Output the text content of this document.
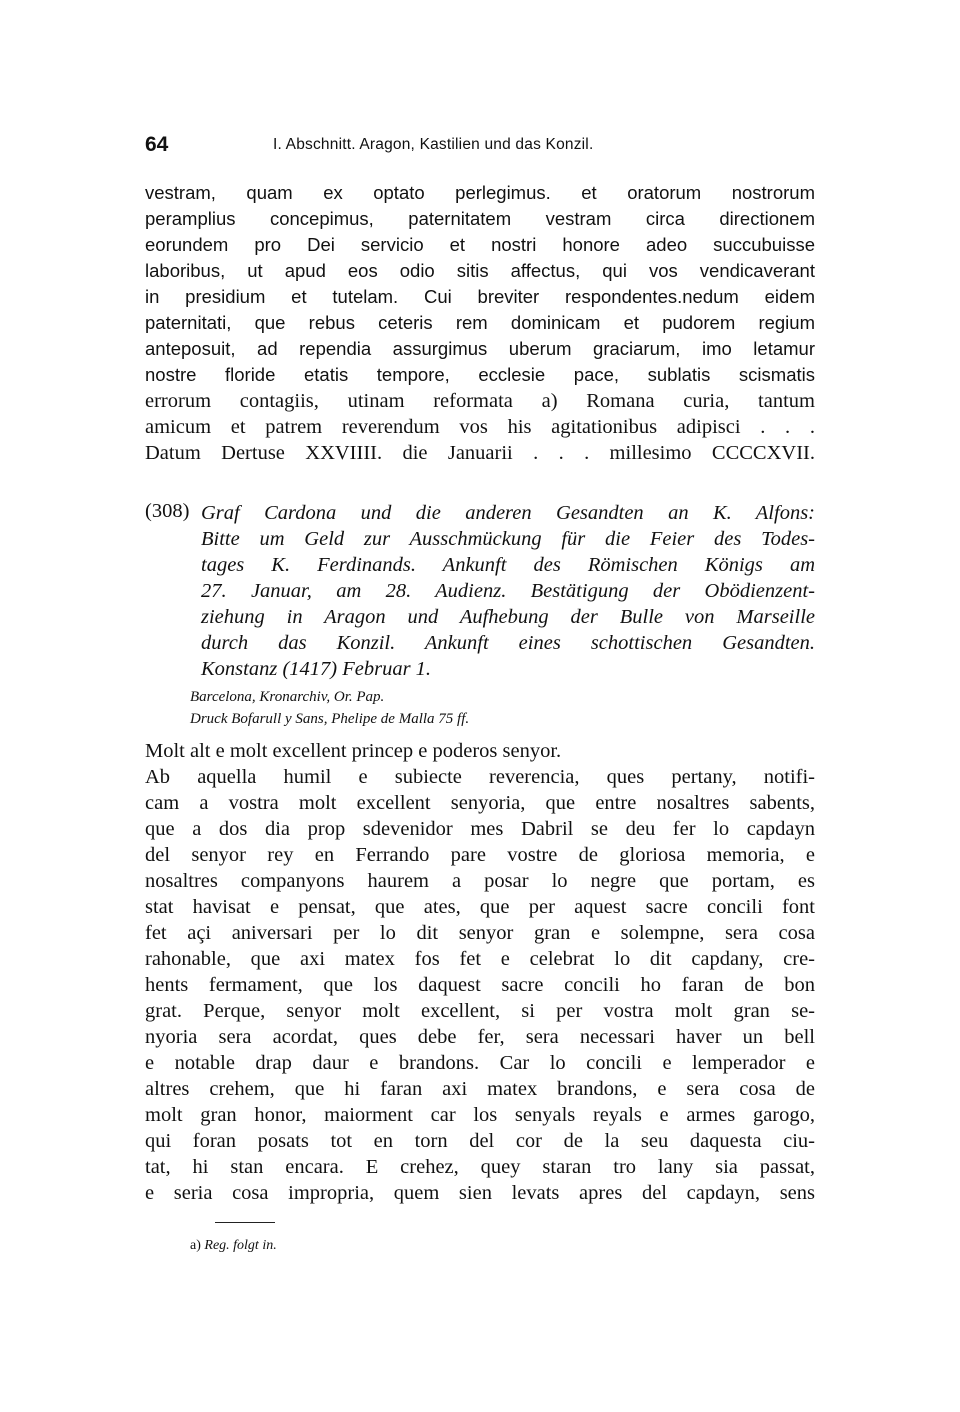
64	I. Abschnitt. Aragon, Kastilien und das Konzil.
vestram, quam ex optato perlegimus. et oratorum nostrorum
peramplius concepimus, paternitatem vestram circa directionem
eorundem pro Dei servicio et nostri honore adeo succubuisse
laboribus, ut apud eos odio sitis affectus, qui vos vendicaverant
in presidium et tutelam. Cui breviter respondentes.nedum eidem
paternitati, que rebus ceteris rem dominicam et pudorem regium
anteposuit, ad rependia assurgimus uberum graciarum, imo letamur
nostre floride etatis tempore, ecclesie pace, sublatis scismatis
errorum contagiis, utinam reformata a) Romana curia, tantum
amicum et patrem reverendum vos his agitationibus adipisci . . .
Datum Dertuse XXVIIII. die Januarii . . . millesimo CCCCXVII.
(308) Graf Cardona und die anderen Gesandten an K. Alfons:
Bitte um Geld zur Ausschmückung für die Feier des Todes-
tages K. Ferdinands. Ankunft des Römischen Königs am
27. Januar, am 28. Audienz. Bestätigung der Obödienzent-
ziehung in Aragon und Aufhebung der Bulle von Marseille
durch das Konzil. Ankunft eines schottischen Gesandten.
Konstanz (1417) Februar 1.
Barcelona, Kronarchiv, Or. Pap.
Druck Bofarull y Sans, Phelipe de Malla 75 ff.
Molt alt e molt excellent princep e poderos senyor.
Ab aquella humil e subiecte reverencia, ques pertany, notifi-
cam a vostra molt excellent senyoria, que entre nosaltres sabents,
que a dos dia prop sdevenidor mes Dabril se deu fer lo capdayn
del senyor rey en Ferrando pare vostre de gloriosa memoria, e
nosaltres companyons haurem a posar lo negre que portam, es
stat havisat e pensat, que ates, que per aquest sacre concili font
fet açi aniversari per lo dit senyor gran e solempne, sera cosa
rahonable, que axi matex fos fet e celebrat lo dit capdany, cre-
hents fermament, que los daquest sacre concili ho faran de bon
grat. Perque, senyor molt excellent, si per vostra molt gran se-
nyoria sera acordat, ques debe fer, sera necessari haver un bell
e notable drap daur e brandons. Car lo concili e lemperador e
altres crehem, que hi faran axi matex brandons, e sera cosa de
molt gran honor, maiorment car los senyals reyals e armes garogo,
qui foran posats tot en torn del cor de la seu daquesta ciu-
tat, hi stan encara. E crehez, quey staran tro lany sia passat,
e seria cosa impropria, quem sien levats apres del capdayn, sens
a) Reg. folgt in.
